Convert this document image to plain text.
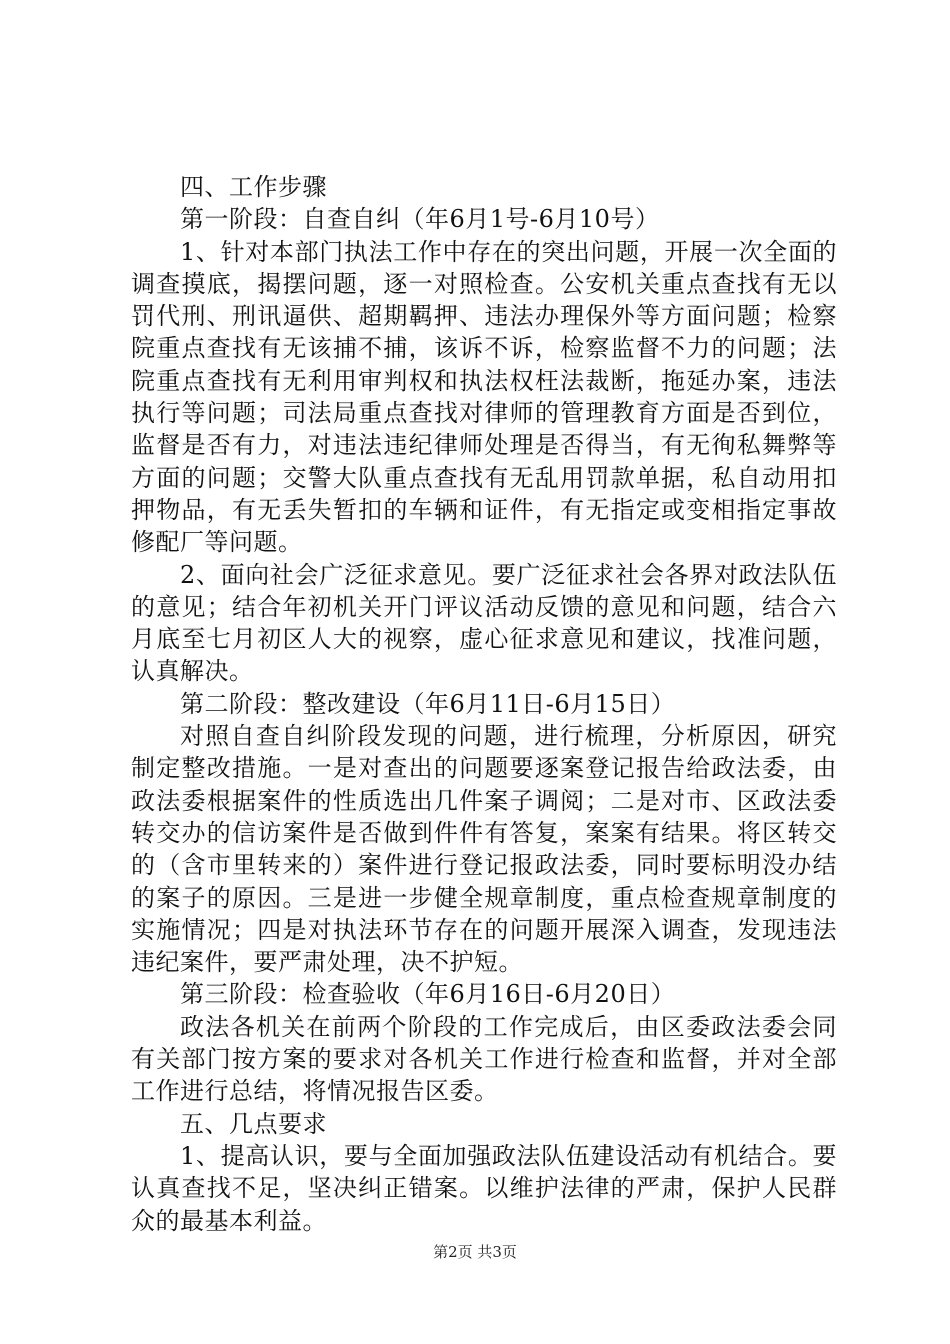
四、工作步骤

第一阶段：自查自纠（年6月1号-6月10号）

1、针对本部门执法工作中存在的突出问题，开展一次全面的调查摸底，揭摆问题，逐一对照检查。公安机关重点查找有无以罚代刑、刑讯逼供、超期羁押、违法办理保外等方面问题；检察院重点查找有无该捕不捕，该诉不诉，检察监督不力的问题；法院重点查找有无利用审判权和执法权枉法裁断，拖延办案，违法执行等问题；司法局重点查找对律师的管理教育方面是否到位，监督是否有力，对违法违纪律师处理是否得当，有无徇私舞弊等方面的问题；交警大队重点查找有无乱用罚款单据，私自动用扣押物品，有无丢失暂扣的车辆和证件，有无指定或变相指定事故修配厂等问题。

2、面向社会广泛征求意见。要广泛征求社会各界对政法队伍的意见；结合年初机关开门评议活动反馈的意见和问题，结合六月底至七月初区人大的视察，虚心征求意见和建议，找准问题，认真解决。

第二阶段：整改建设（年6月11日-6月15日）

对照自查自纠阶段发现的问题，进行梳理，分析原因，研究制定整改措施。一是对查出的问题要逐案登记报告给政法委，由政法委根据案件的性质选出几件案子调阅；二是对市、区政法委转交办的信访案件是否做到件件有答复，案案有结果。将区转交的（含市里转来的）案件进行登记报政法委，同时要标明没办结的案子的原因。三是进一步健全规章制度，重点检查规章制度的实施情况；四是对执法环节存在的问题开展深入调查，发现违法违纪案件，要严肃处理，决不护短。

第三阶段：检查验收（年6月16日-6月20日）

政法各机关在前两个阶段的工作完成后，由区委政法委会同有关部门按方案的要求对各机关工作进行检查和监督，并对全部工作进行总结，将情况报告区委。

五、几点要求

1、提高认识，要与全面加强政法队伍建设活动有机结合。要认真查找不足，坚决纠正错案。以维护法律的严肃，保护人民群众的最基本利益。

第2页 共3页
